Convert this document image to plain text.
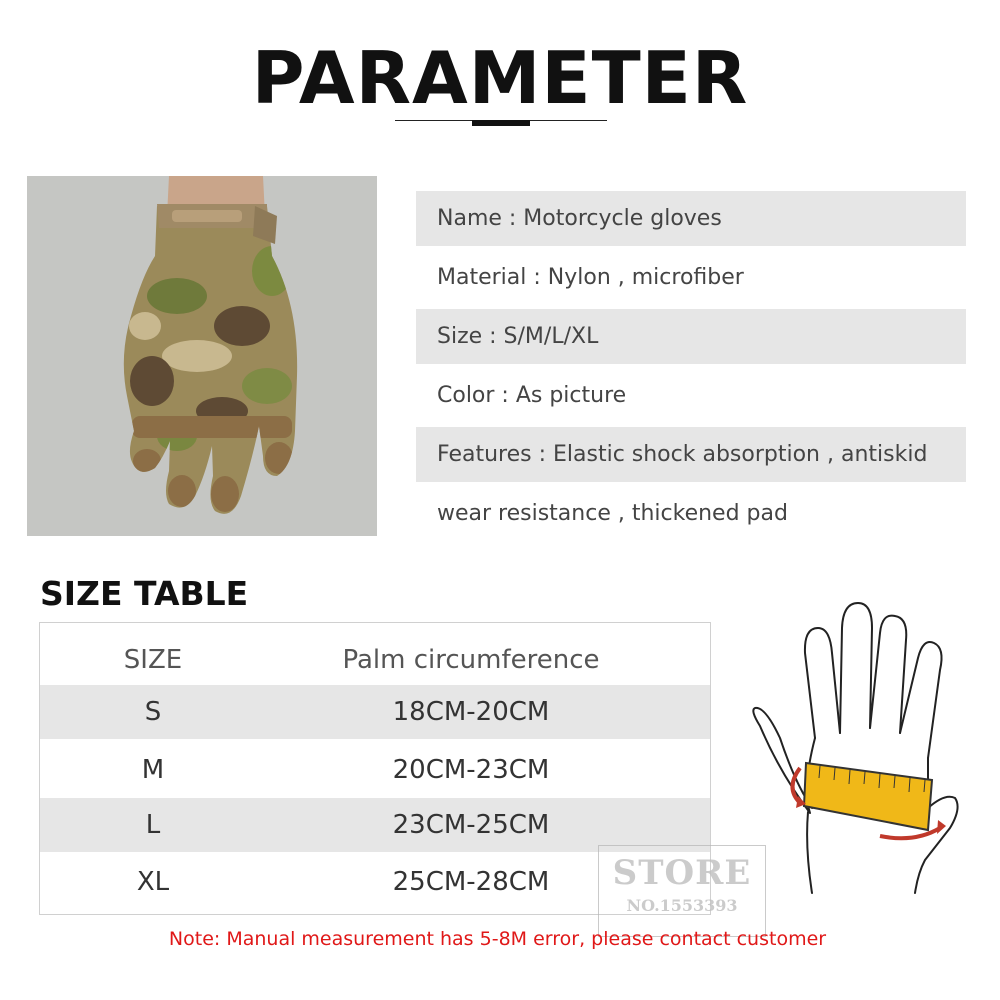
PARAMETER
Name : Motorcycle gloves
Material : Nylon , microfiber
Size : S/M/L/XL
Color : As picture
Features : Elastic shock absorption , antiskid
wear resistance , thickened pad
SIZE TABLE
SIZE	Palm circumference
S	18CM-20CM
M	20CM-23CM
L	23CM-25CM
XL	25CM-28CM	STORE
NO.1553393
Note: Manual measurement has 5-8M error, please contact customer
